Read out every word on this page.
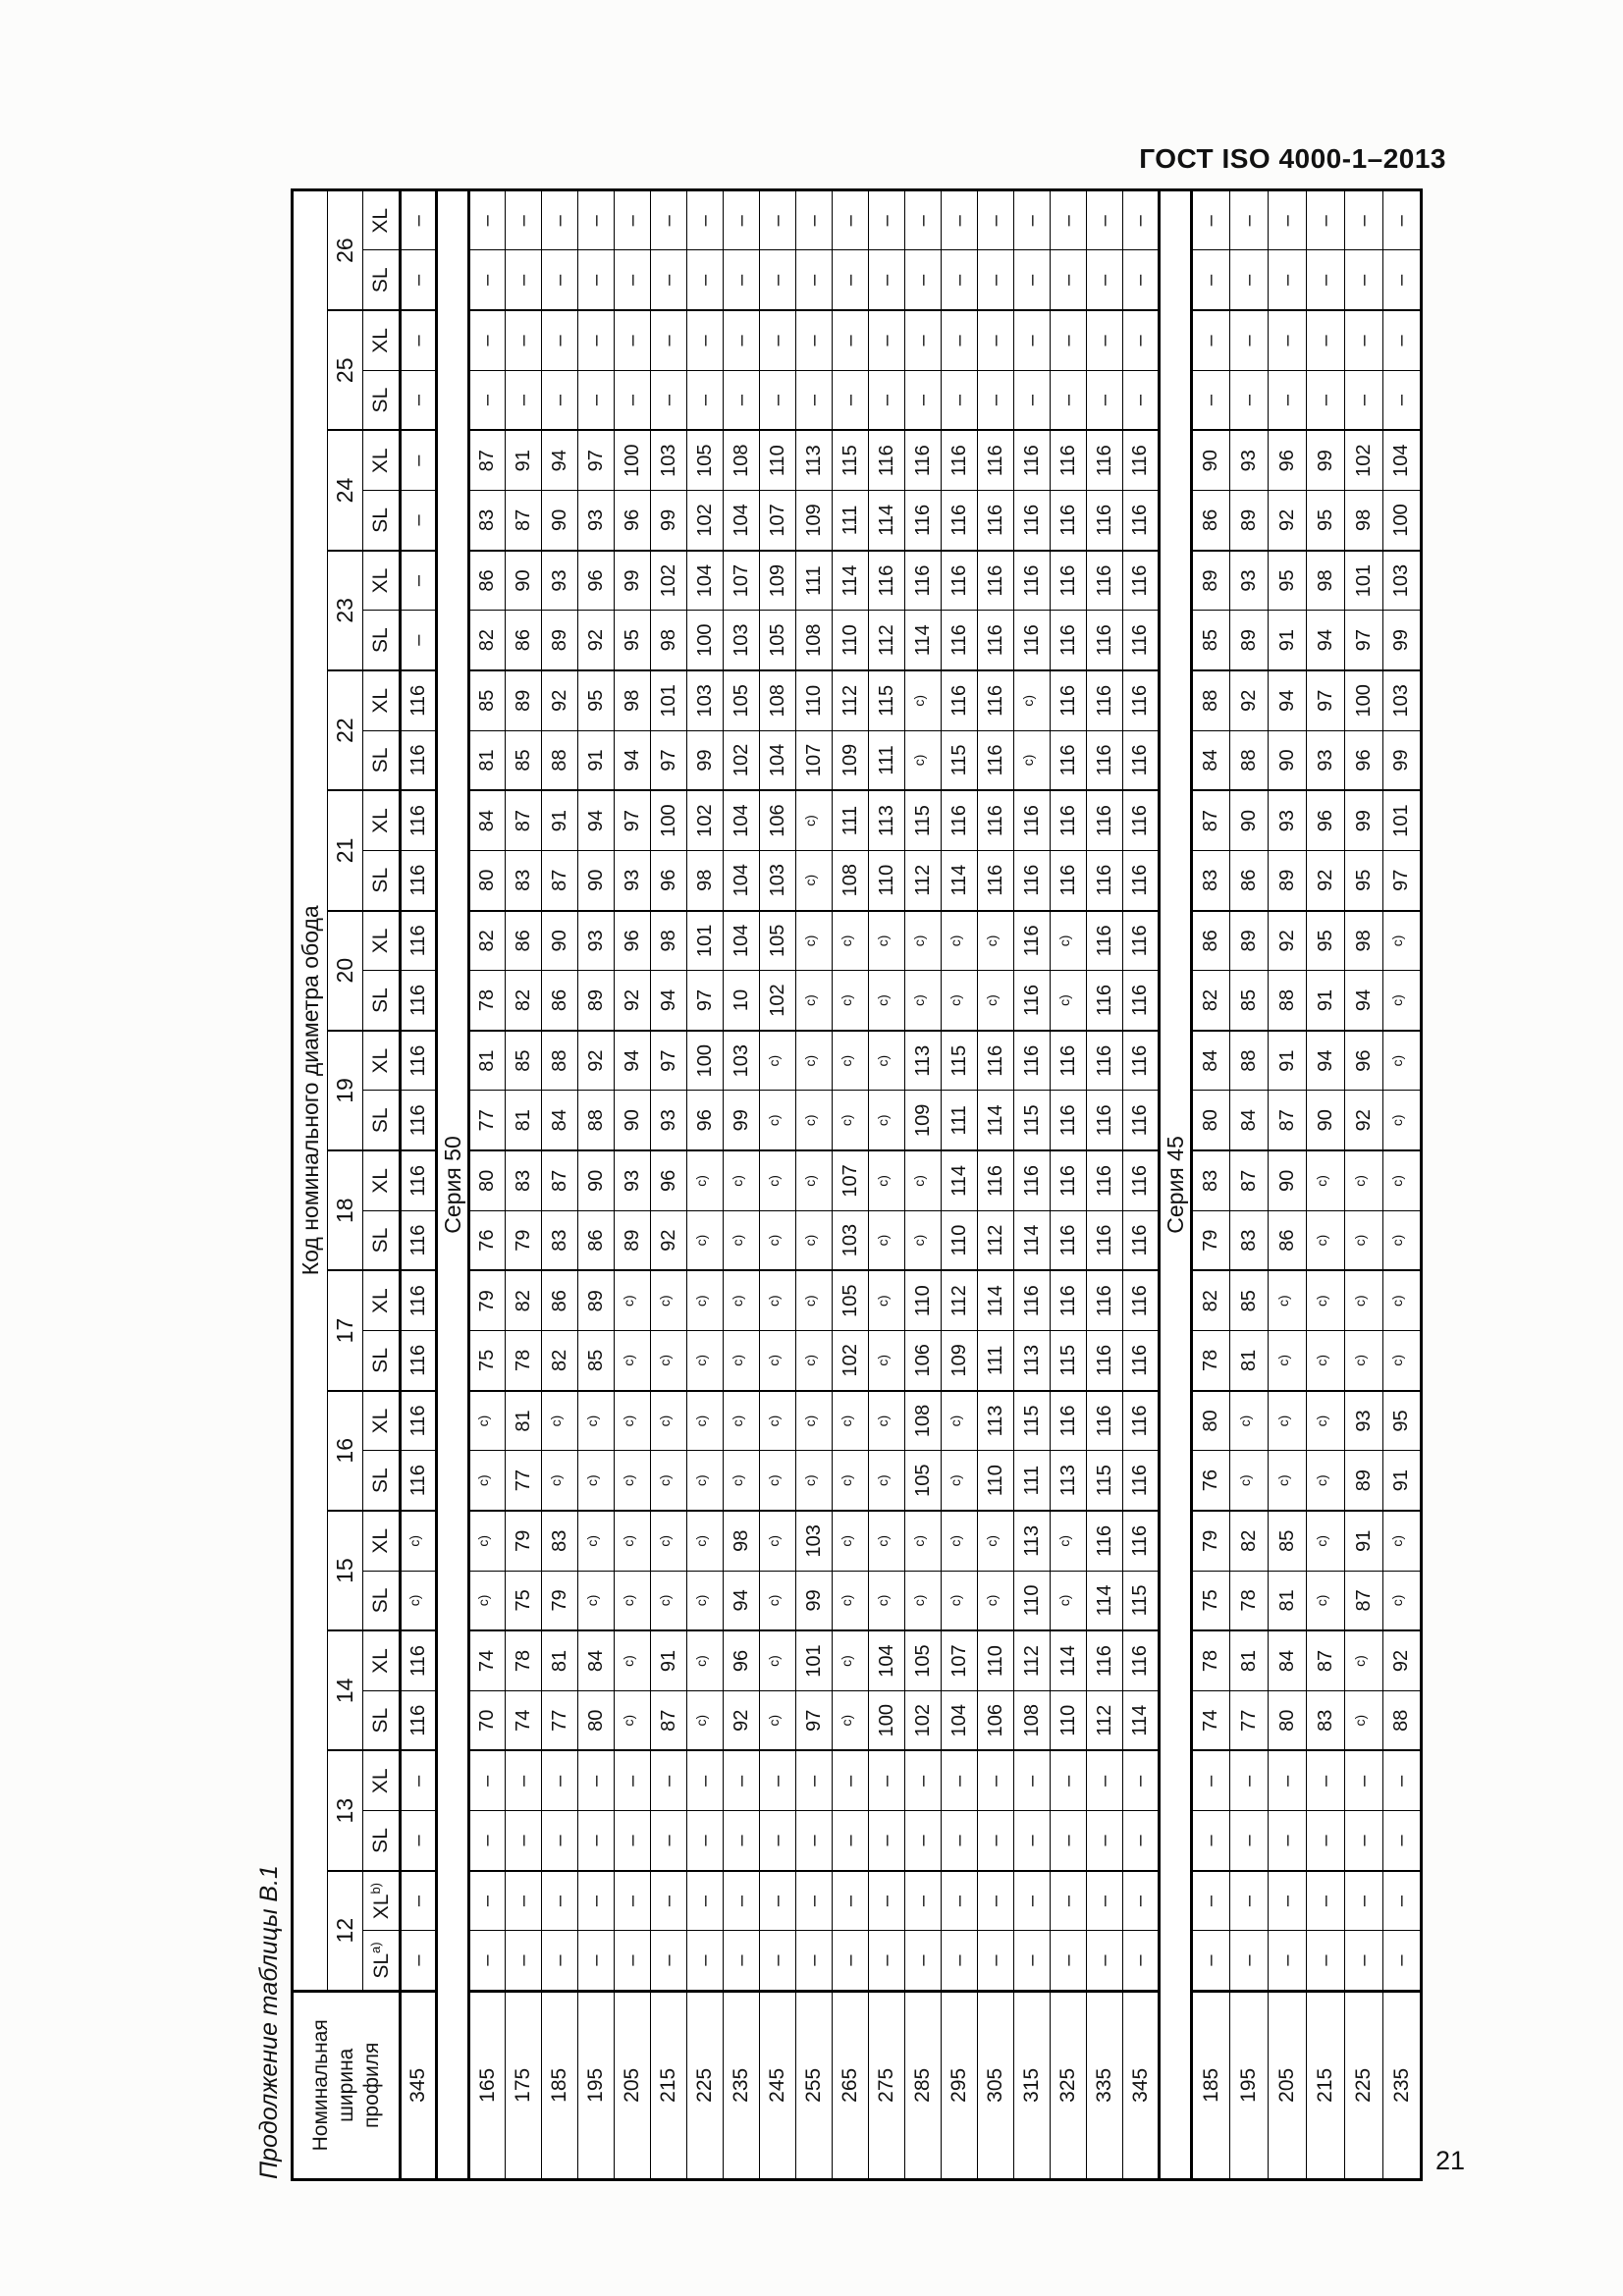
ГОСТ ISO 4000-1–2013
Продолжение таблицы В.1 Номинальная ширина профиля	Код номинального диаметра обода																													
	12		13		14		15		16		17		18		19		20		21		22		23		24		25		26	
	SL$^{a)}$	XL$^{b)}$	SL	XL	SL	XL	SL	XL	SL	XL	SL	XL	SL	XL	SL	XL	SL	XL	SL	XL	SL	XL	SL	XL	SL	XL	SL	XL	SL	XL
345	–	–	–	–	116	116	$^{c)}$	$^{c)}$	116	116	116	116	116	116	116	116	116	116	116	116	116	116	–	–	–	–	–	–	–	–
Серия 50																														
165	–	–	–	–	70	74	$^{c)}$	$^{c)}$	$^{c)}$	$^{c)}$	75	79	76	80	77	81	78	82	80	84	81	85	82	86	83	87	–	–	–	–
175	–	–	–	–	74	78	75	79	77	81	78	82	79	83	81	85	82	86	83	87	85	89	86	90	87	91	–	–	–	–
185	–	–	–	–	77	81	79	83	$^{c)}$	$^{c)}$	82	86	83	87	84	88	86	90	87	91	88	92	89	93	90	94	–	–	–	–
195	–	–	–	–	80	84	$^{c)}$	$^{c)}$	$^{c)}$	$^{c)}$	85	89	86	90	88	92	89	93	90	94	91	95	92	96	93	97	–	–	–	–
205	–	–	–	–	$^{c)}$	$^{c)}$	$^{c)}$	$^{c)}$	$^{c)}$	$^{c)}$	$^{c)}$	$^{c)}$	89	93	90	94	92	96	93	97	94	98	95	99	96	100	–	–	–	–
215	–	–	–	–	87	91	$^{c)}$	$^{c)}$	$^{c)}$	$^{c)}$	$^{c)}$	$^{c)}$	92	96	93	97	94	98	96	100	97	101	98	102	99	103	–	–	–	–
225	–	–	–	–	$^{c)}$	$^{c)}$	$^{c)}$	$^{c)}$	$^{c)}$	$^{c)}$	$^{c)}$	$^{c)}$	$^{c)}$	$^{c)}$	96	100	97	101	98	102	99	103	100	104	102	105	–	–	–	–
235	–	–	–	–	92	96	94	98	$^{c)}$	$^{c)}$	$^{c)}$	$^{c)}$	$^{c)}$	$^{c)}$	99	103	10	104	104	104	102	105	103	107	104	108	–	–	–	–
245	–	–	–	–	$^{c)}$	$^{c)}$	$^{c)}$	$^{c)}$	$^{c)}$	$^{c)}$	$^{c)}$	$^{c)}$	$^{c)}$	$^{c)}$	$^{c)}$	$^{c)}$	102	105	103	106	104	108	105	109	107	110	–	–	–	–
255	–	–	–	–	97	101	99	103	$^{c)}$	$^{c)}$	$^{c)}$	$^{c)}$	$^{c)}$	$^{c)}$	$^{c)}$	$^{c)}$	$^{c)}$	$^{c)}$	$^{c)}$	$^{c)}$	107	110	108	111	109	113	–	–	–	–
265	–	–	–	–	$^{c)}$	$^{c)}$	$^{c)}$	$^{c)}$	$^{c)}$	$^{c)}$	102	105	103	107	$^{c)}$	$^{c)}$	$^{c)}$	$^{c)}$	108	111	109	112	110	114	111	115	–	–	–	–
275	–	–	–	–	100	104	$^{c)}$	$^{c)}$	$^{c)}$	$^{c)}$	$^{c)}$	$^{c)}$	$^{c)}$	$^{c)}$	$^{c)}$	$^{c)}$	$^{c)}$	$^{c)}$	110	113	111	115	112	116	114	116	–	–	–	–
285	–	–	–	–	102	105	$^{c)}$	$^{c)}$	105	108	106	110	$^{c)}$	$^{c)}$	109	113	$^{c)}$	$^{c)}$	112	115	$^{c)}$	$^{c)}$	114	116	116	116	–	–	–	–
295	–	–	–	–	104	107	$^{c)}$	$^{c)}$	$^{c)}$	$^{c)}$	109	112	110	114	111	115	$^{c)}$	$^{c)}$	114	116	115	116	116	116	116	116	–	–	–	–
305	–	–	–	–	106	110	$^{c)}$	$^{c)}$	110	113	111	114	112	116	114	116	$^{c)}$	$^{c)}$	116	116	116	116	116	116	116	116	–	–	–	–
315	–	–	–	–	108	112	110	113	111	115	113	116	114	116	115	116	116	116	116	116	$^{c)}$	$^{c)}$	116	116	116	116	–	–	–	–
325	–	–	–	–	110	114	$^{c)}$	$^{c)}$	113	116	115	116	116	116	116	116	$^{c)}$	$^{c)}$	116	116	116	116	116	116	116	116	–	–	–	–
335	–	–	–	–	112	116	114	116	115	116	116	116	116	116	116	116	116	116	116	116	116	116	116	116	116	116	–	–	–	–
345	–	–	–	–	114	116	115	116	116	116	116	116	116	116	116	116	116	116	116	116	116	116	116	116	116	116	–	–	–	–
Серия 45																														
185	–	–	–	–	74	78	75	79	76	80	78	82	79	83	80	84	82	86	83	87	84	88	85	89	86	90	–	–	–	–
195	–	–	–	–	77	81	78	82	$^{c)}$	$^{c)}$	81	85	83	87	84	88	85	89	86	90	88	92	89	93	89	93	–	–	–	–
205	–	–	–	–	80	84	81	85	$^{c)}$	$^{c)}$	$^{c)}$	$^{c)}$	86	90	87	91	88	92	89	93	90	94	91	95	92	96	–	–	–	–
215	–	–	–	–	83	87	$^{c)}$	$^{c)}$	$^{c)}$	$^{c)}$	$^{c)}$	$^{c)}$	$^{c)}$	$^{c)}$	90	94	91	95	92	96	93	97	94	98	95	99	–	–	–	–
225	–	–	–	–	$^{c)}$	$^{c)}$	87	91	89	93	$^{c)}$	$^{c)}$	$^{c)}$	$^{c)}$	92	96	94	98	95	99	96	100	97	101	98	102	–	–	–	–
235	–	–	–	–	88	92	$^{c)}$	$^{c)}$	91	95	$^{c)}$	$^{c)}$	$^{c)}$	$^{c)}$	$^{c)}$	$^{c)}$	$^{c)}$	$^{c)}$	97	101	99	103	99	103	100	104	–	–	–	–
21
